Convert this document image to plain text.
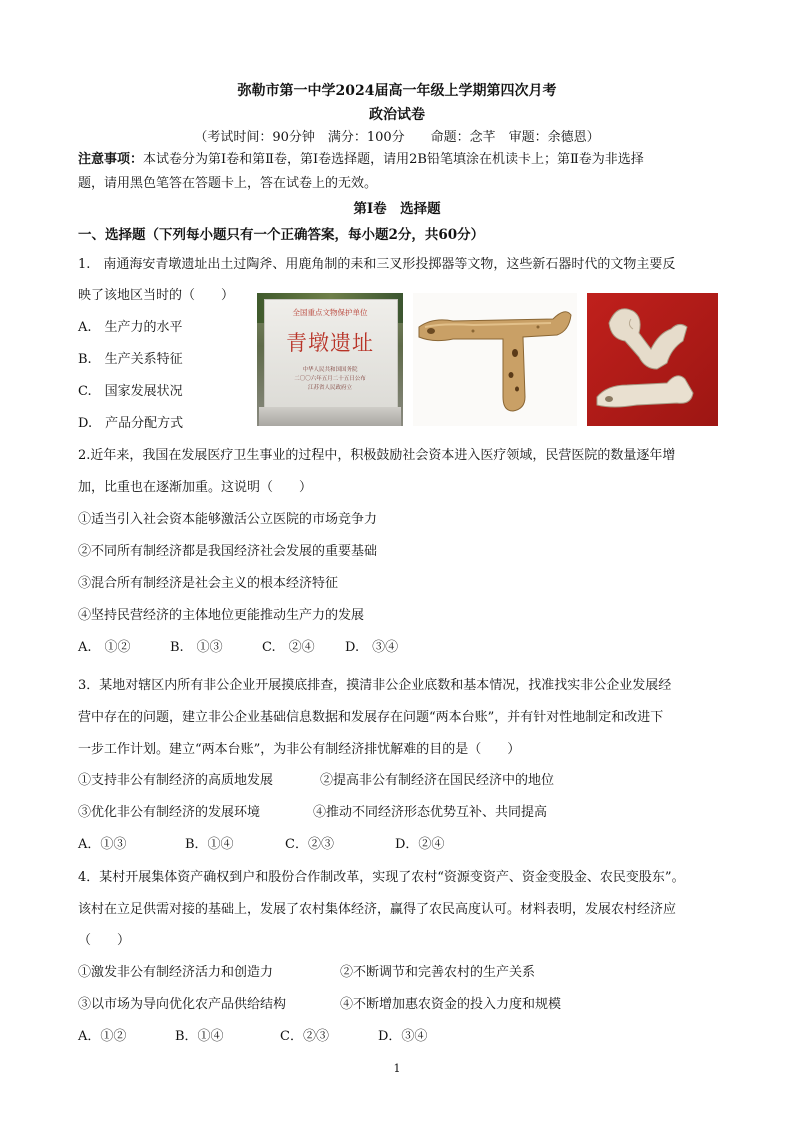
弥勒市第一中学2024届高一年级上学期第四次月考
政治试卷
（考试时间：90分钟　满分：100分　　命题：念芊　审题：余德恩）
注意事项：本试卷分为第Ⅰ卷和第Ⅱ卷，第Ⅰ卷选择题，请用2B铅笔填涂在机读卡上；第Ⅱ卷为非选择
题，请用黑色笔答在答题卡上，答在试卷上的无效。
第Ⅰ卷　选择题
一、选择题（下列每小题只有一个正确答案，每小题2分，共60分）
1.　南通海安青墩遗址出土过陶斧、用鹿角制的耒和三叉形投掷器等文物，这些新石器时代的文物主要反
映了该地区当时的（　　）
A.　生产力的水平
B.　生产关系特征
C.　国家发展状况
D.　产品分配方式
全国重点文物保护单位
青墩遗址
中华人民共和国国务院
二〇〇六年五月二十五日公布
江苏省人民政府立
2.近年来，我国在发展医疗卫生事业的过程中，积极鼓励社会资本进入医疗领域，民营医院的数量逐年增
加，比重也在逐渐加重。这说明（　　）
①适当引入社会资本能够激活公立医院的市场竞争力
②不同所有制经济都是我国经济社会发展的重要基础
③混合所有制经济是社会主义的根本经济特征
④坚持民营经济的主体地位更能推动生产力的发展
A.　①②	B.　①③	C.　②④ D.　③④
3．某地对辖区内所有非公企业开展摸底排查，摸清非公企业底数和基本情况，找准找实非公企业发展经
营中存在的问题，建立非公企业基础信息数据和发展存在问题“两本台账”，并有针对性地制定和改进下
一步工作计划。建立“两本台账”，为非公有制经济排忧解难的目的是（　　）
①支持非公有制经济的高质地发展	②提高非公有制经济在国民经济中的地位
③优化非公有制经济的发展环境	④推动不同经济形态优势互补、共同提高
A．①③	B．①④	C．②③	D．②④
4．某村开展集体资产确权到户和股份合作制改革，实现了农村“资源变资产、资金变股金、农民变股东”。
该村在立足供需对接的基础上，发展了农村集体经济，赢得了农民高度认可。材料表明，发展农村经济应
（　　）
①激发非公有制经济活力和创造力	②不断调节和完善农村的生产关系
③以市场为导向优化农产品供给结构	④不断增加惠农资金的投入力度和规模
A．①②	B．①④	C．②③	D．③④
1
